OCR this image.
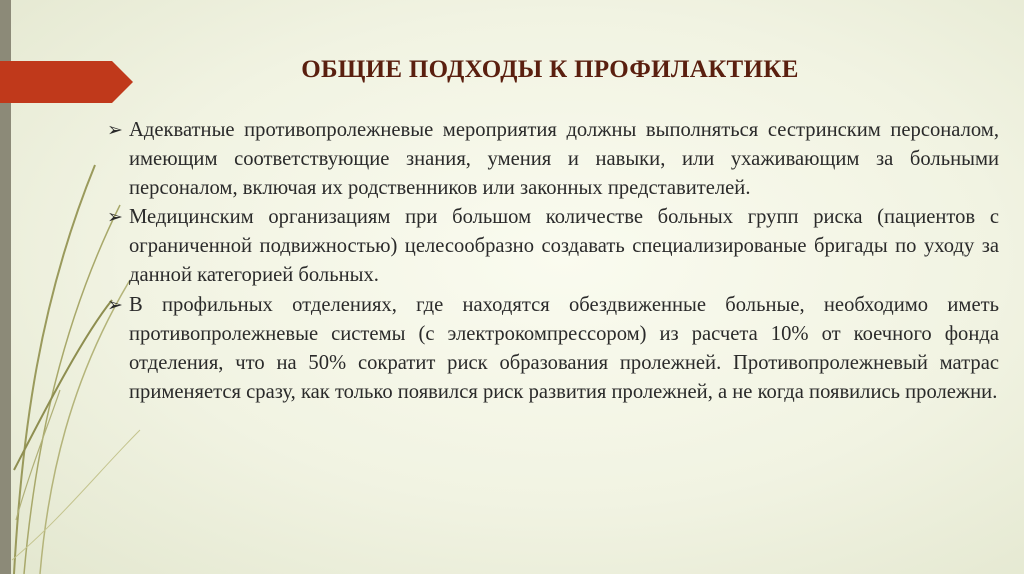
ОБЩИЕ ПОДХОДЫ К ПРОФИЛАКТИКЕ
➢ Адекватные противопролежневые мероприятия должны выполняться сестринским персоналом, имеющим соответствующие знания, умения и навыки, или ухаживающим за больными персоналом, включая их родственников или законных представителей.
➢ Медицинским организациям при большом количестве больных групп риска (пациентов с ограниченной подвижностью) целесообразно создавать специализированые бригады по уходу за данной категорией больных.
➢ В профильных отделениях, где находятся обездвиженные больные, необходимо иметь противопролежневые системы (с электрокомпрессором) из расчета 10% от коечного фонда отделения, что на 50% сократит риск образования пролежней. Противопролежневый матрас применяется сразу, как только появился риск развития пролежней, а не когда появились пролежни.
